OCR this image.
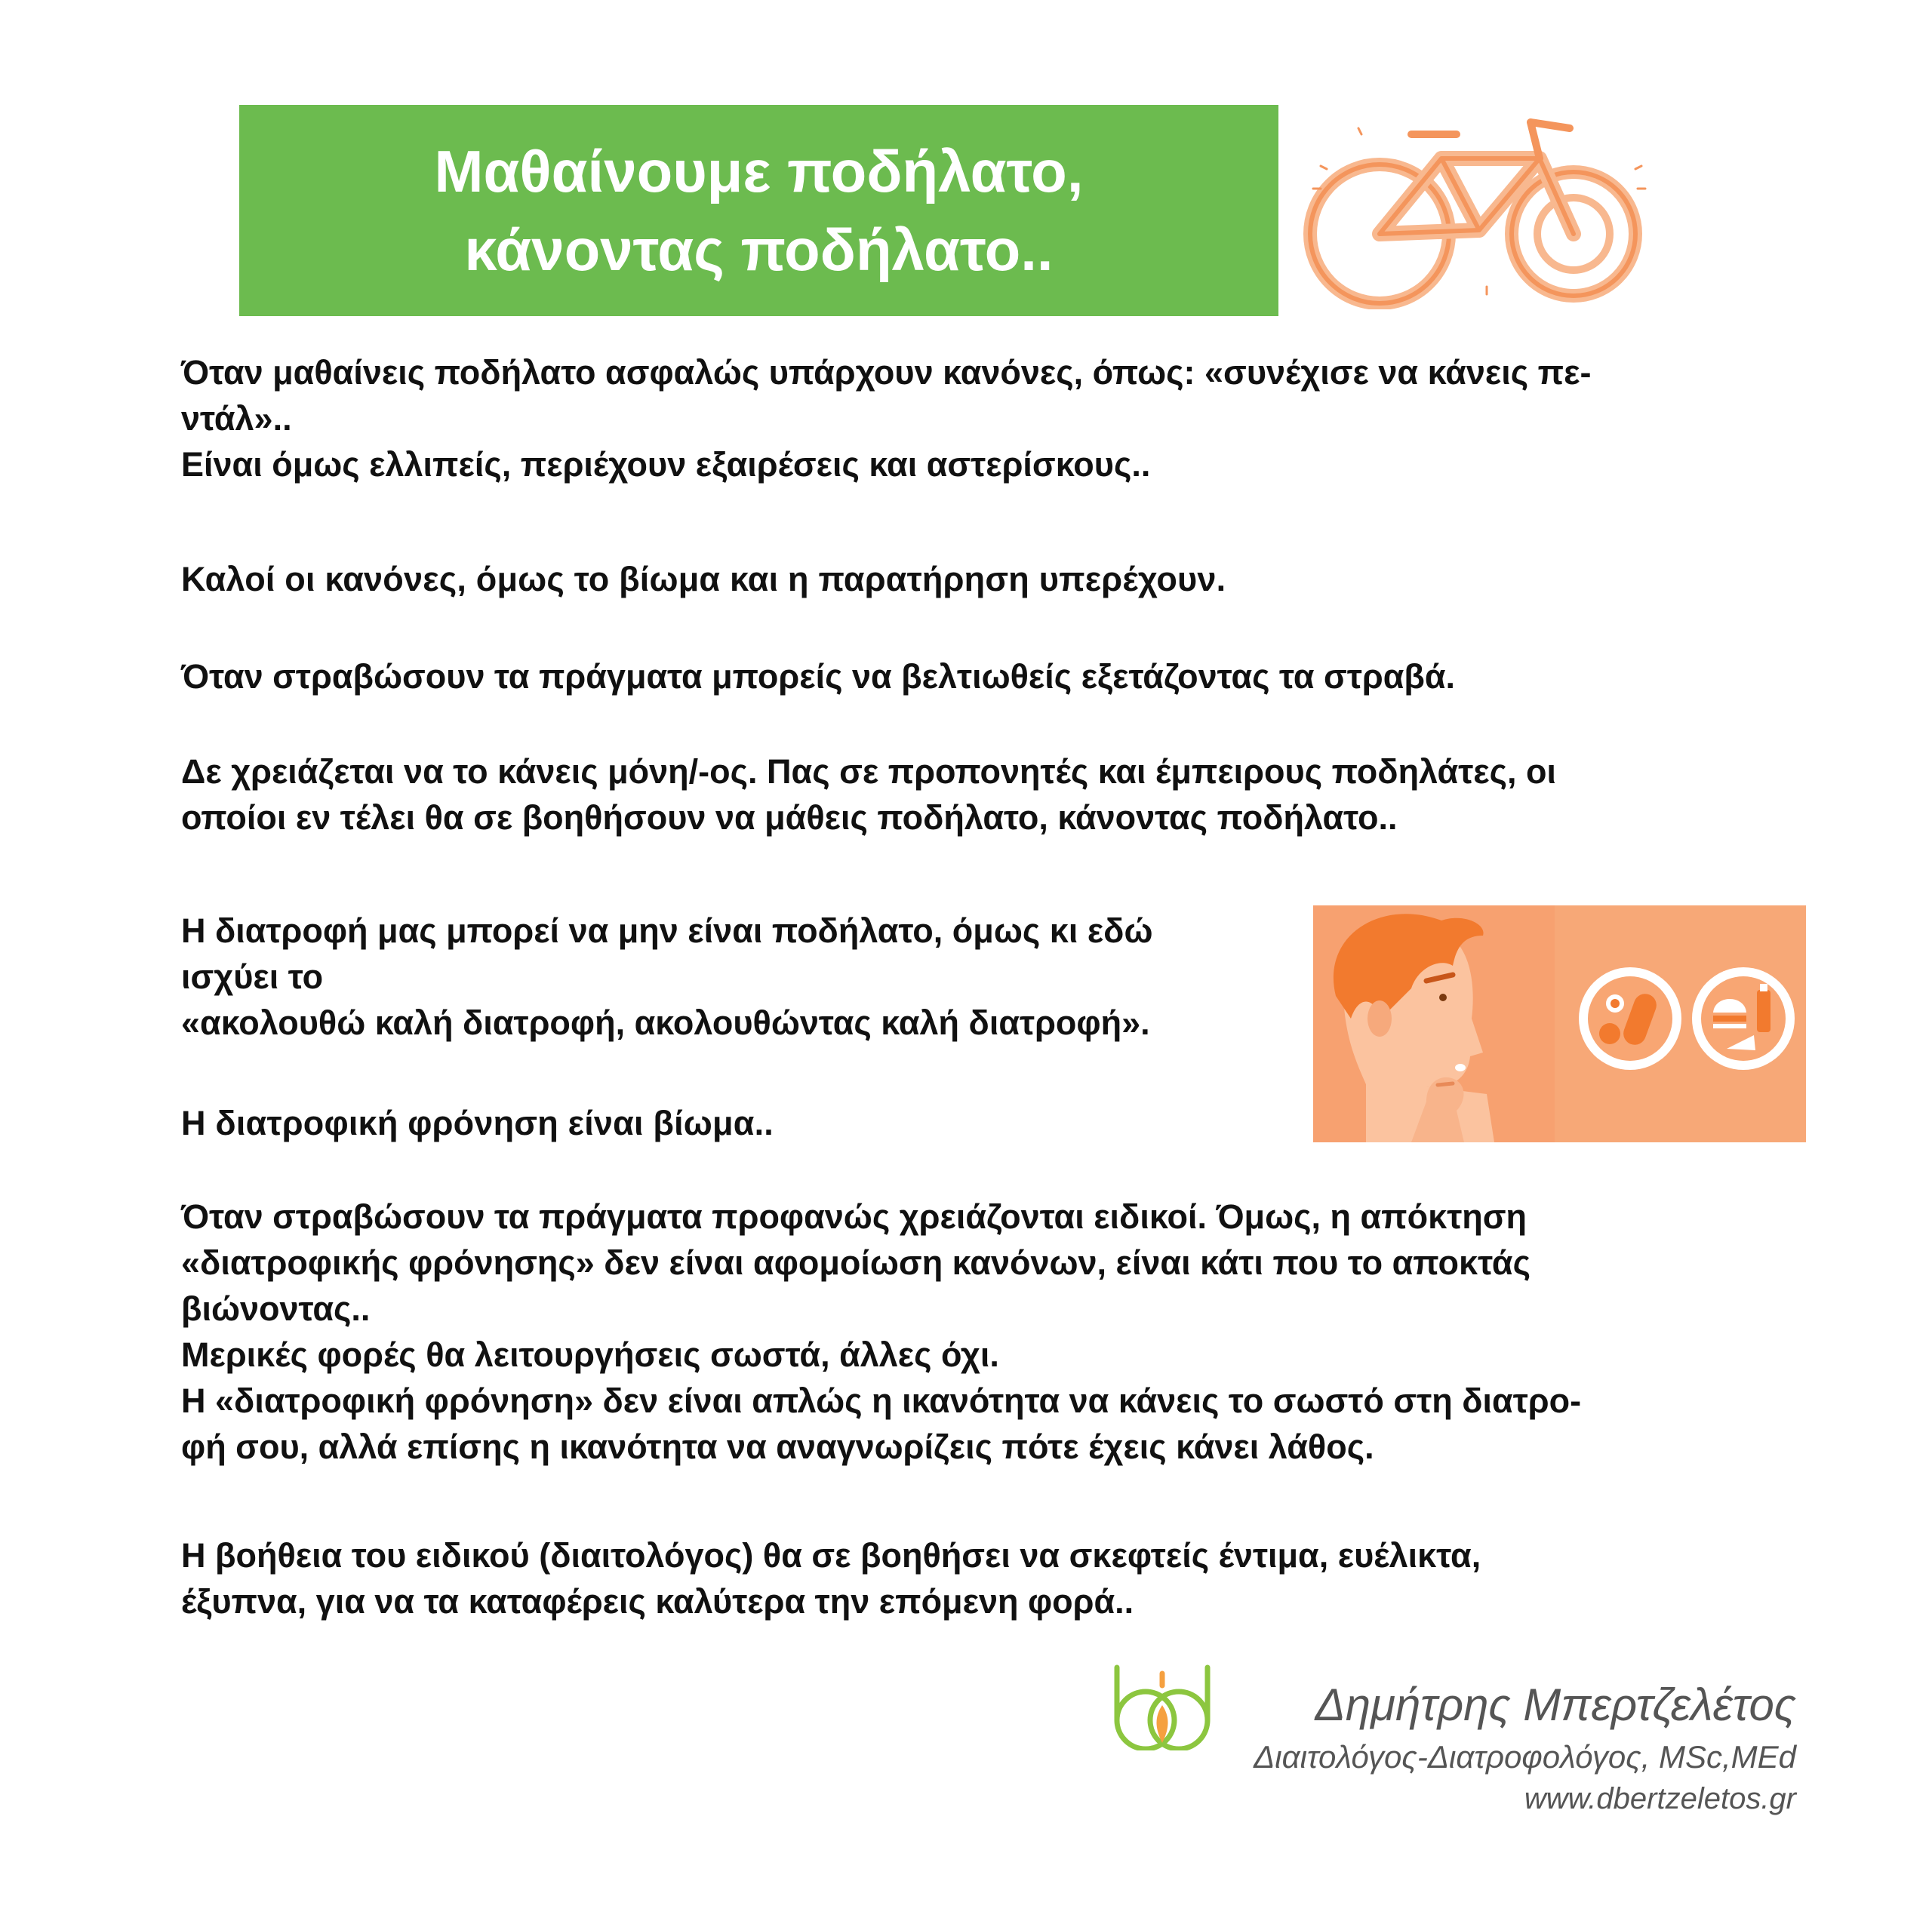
Μαθαίνουμε ποδήλατο,
κάνοντας ποδήλατο..
Όταν μαθαίνεις ποδήλατο ασφαλώς υπάρχουν κανόνες, όπως: «συνέχισε να κάνεις πε-
ντάλ»..
Είναι όμως ελλιπείς, περιέχουν εξαιρέσεις και αστερίσκους..
Καλοί οι κανόνες, όμως το βίωμα και η παρατήρηση υπερέχουν.
Όταν στραβώσουν τα πράγματα μπορείς να βελτιωθείς εξετάζοντας τα στραβά.
Δε χρειάζεται να το κάνεις μόνη/-ος. Πας σε προπονητές και έμπειρους ποδηλάτες, οι
οποίοι εν τέλει θα σε βοηθήσουν να μάθεις ποδήλατο, κάνοντας ποδήλατο..
Η διατροφή μας μπορεί να μην είναι ποδήλατο, όμως κι εδώ
ισχύει το
«ακολουθώ καλή διατροφή, ακολουθώντας καλή διατροφή».
Η διατροφική φρόνηση είναι βίωμα..
Όταν στραβώσουν τα πράγματα προφανώς χρειάζονται ειδικοί. Όμως, η απόκτηση
«διατροφικής φρόνησης» δεν είναι αφομοίωση κανόνων, είναι κάτι που το αποκτάς
βιώνοντας..
Μερικές φορές θα λειτουργήσεις σωστά, άλλες όχι.
Η «διατροφική φρόνηση» δεν είναι απλώς η ικανότητα να κάνεις το σωστό στη διατρο-
φή σου, αλλά επίσης η ικανότητα να αναγνωρίζεις πότε έχεις κάνει λάθος.
Η βοήθεια του ειδικού (διαιτολόγος) θα σε βοηθήσει να σκεφτείς έντιμα, ευέλικτα,
έξυπνα, για να τα καταφέρεις καλύτερα την επόμενη φορά..

Δημήτρης Μπερτζελέτος

Διαιτολόγος-Διατροφολόγος, MSc,MEd

www.dbertzeletos.gr
